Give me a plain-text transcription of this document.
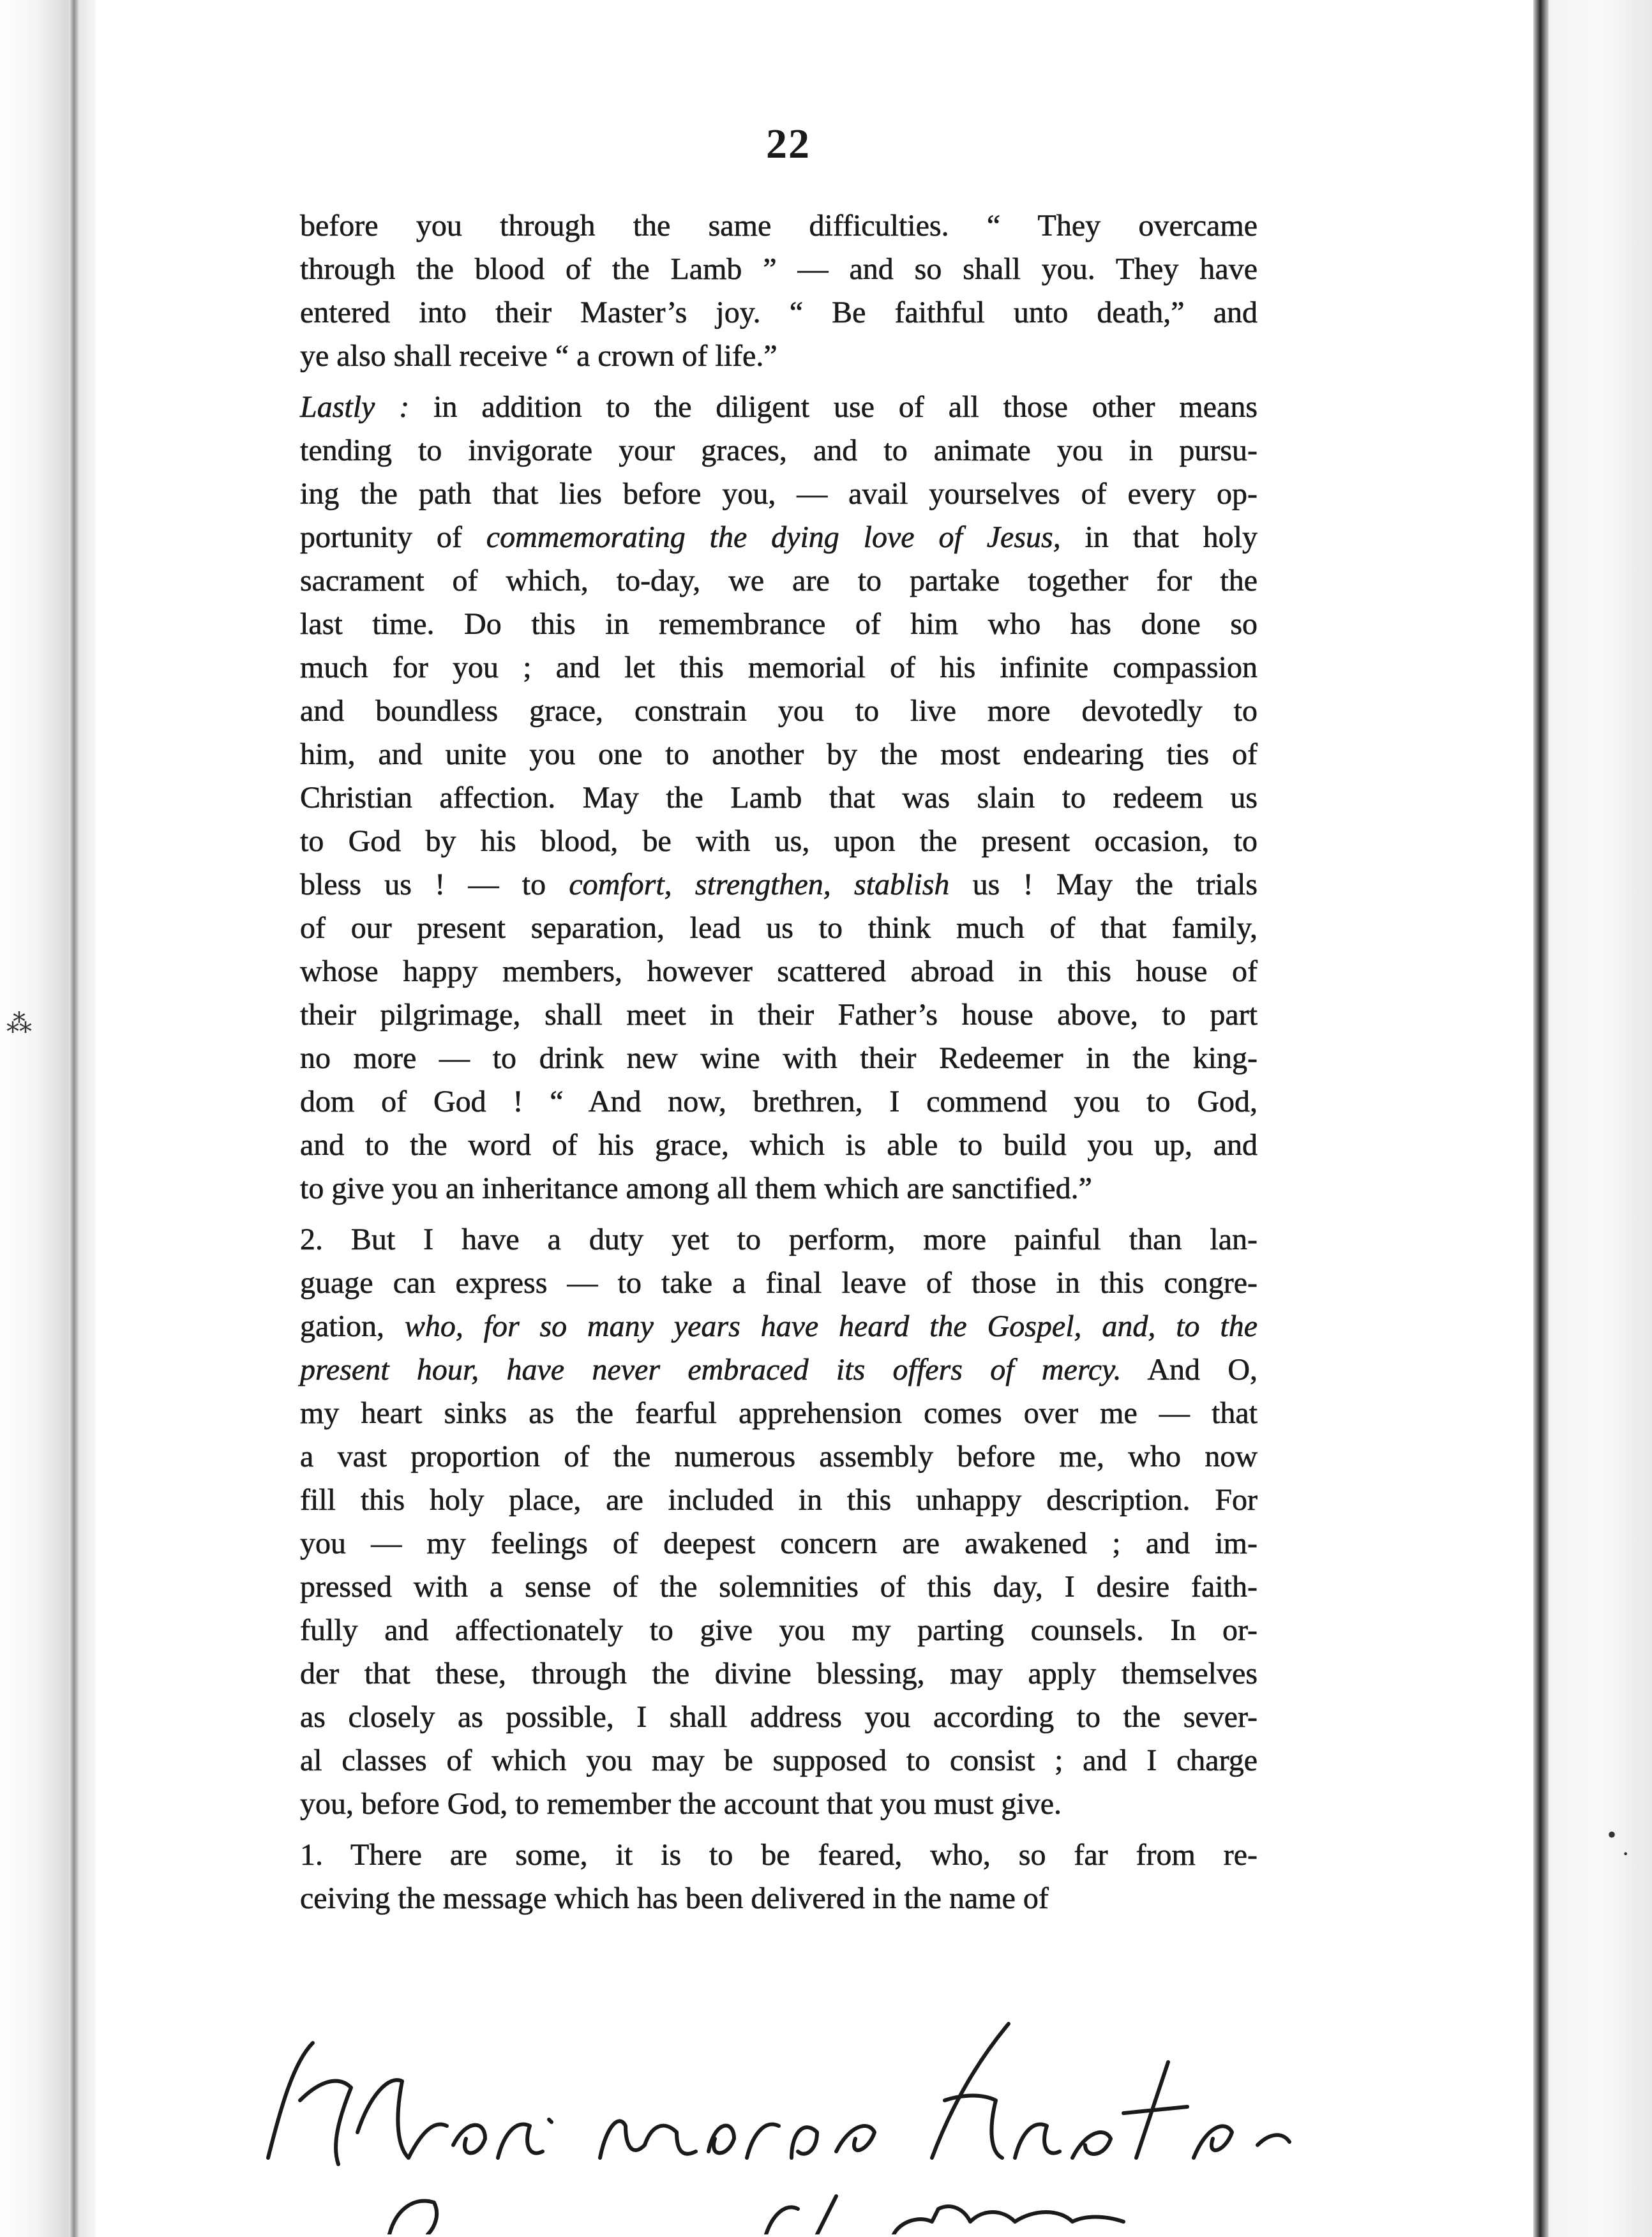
•
·
⁂
22
before you through the same difficulties. “ They overcame
through the blood of the Lamb ” — and so shall you. They have
entered into their Master’s joy. “ Be faithful unto death,” and
ye also shall receive “ a crown of life.”
Lastly : in addition to the diligent use of all those other means
tending to invigorate your graces, and to animate you in pursu-
ing the path that lies before you, — avail yourselves of every op-
portunity of commemorating the dying love of Jesus, in that holy
sacrament of which, to-day, we are to partake together for the
last time. Do this in remembrance of him who has done so
much for you ; and let this memorial of his infinite compassion
and boundless grace, constrain you to live more devotedly to
him, and unite you one to another by the most endearing ties of
Christian affection. May the Lamb that was slain to redeem us
to God by his blood, be with us, upon the present occasion, to
bless us ! — to comfort, strengthen, stablish us ! May the trials
of our present separation, lead us to think much of that family,
whose happy members, however scattered abroad in this house of
their pilgrimage, shall meet in their Father’s house above, to part
no more — to drink new wine with their Redeemer in the king-
dom of God ! “ And now, brethren, I commend you to God,
and to the word of his grace, which is able to build you up, and
to give you an inheritance among all them which are sanctified.”
2. But I have a duty yet to perform, more painful than lan-
guage can express — to take a final leave of those in this congre-
gation, who, for so many years have heard the Gospel, and, to the
present hour, have never embraced its offers of mercy. And O,
my heart sinks as the fearful apprehension comes over me — that
a vast proportion of the numerous assembly before me, who now
fill this holy place, are included in this unhappy description. For
you — my feelings of deepest concern are awakened ; and im-
pressed with a sense of the solemnities of this day, I desire faith-
fully and affectionately to give you my parting counsels. In or-
der that these, through the divine blessing, may apply themselves
as closely as possible, I shall address you according to the sever-
al classes of which you may be supposed to consist ; and I charge
you, before God, to remember the account that you must give.
1. There are some, it is to be feared, who, so far from re-
ceiving the message which has been delivered in the name of
